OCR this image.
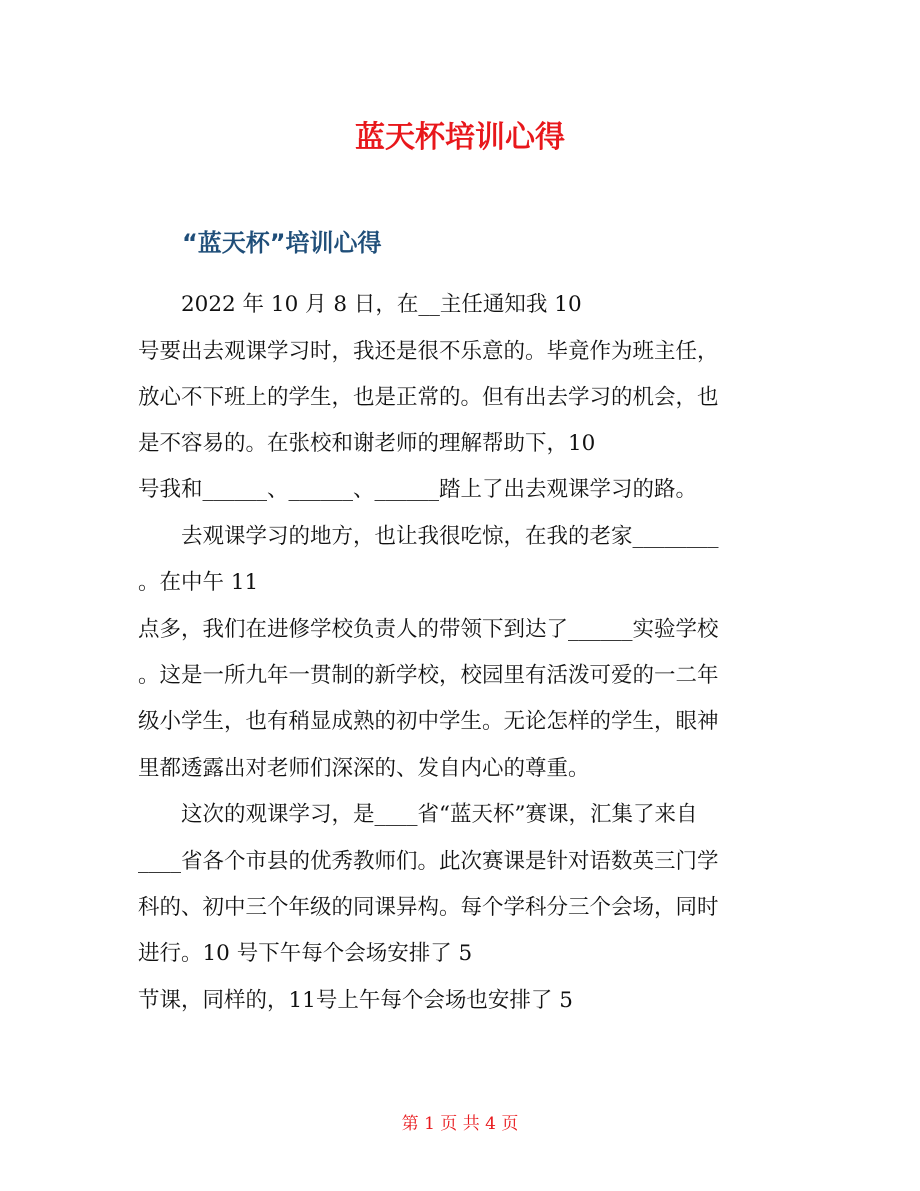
蓝天杯培训心得
“蓝天杯”培训心得

2022 年 10 月 8 日，在__主任通知我 10

号要出去观课学习时，我还是很不乐意的。毕竟作为班主任，

放心不下班上的学生，也是正常的。但有出去学习的机会，也

是不容易的。在张校和谢老师的理解帮助下，10

号我和______、______、______踏上了出去观课学习的路。

去观课学习的地方，也让我很吃惊，在我的老家________

。在中午 11

点多，我们在进修学校负责人的带领下到达了______实验学校

。这是一所九年一贯制的新学校，校园里有活泼可爱的一二年

级小学生，也有稍显成熟的初中学生。无论怎样的学生，眼神

里都透露出对老师们深深的、发自内心的尊重。

这次的观课学习，是____省“蓝天杯”赛课，汇集了来自

____省各个市县的优秀教师们。此次赛课是针对语数英三门学

科的、初中三个年级的同课异构。每个学科分三个会场，同时

进行。10 号下午每个会场安排了 5

节课，同样的，11号上午每个会场也安排了 5

第 1 页 共 4 页
